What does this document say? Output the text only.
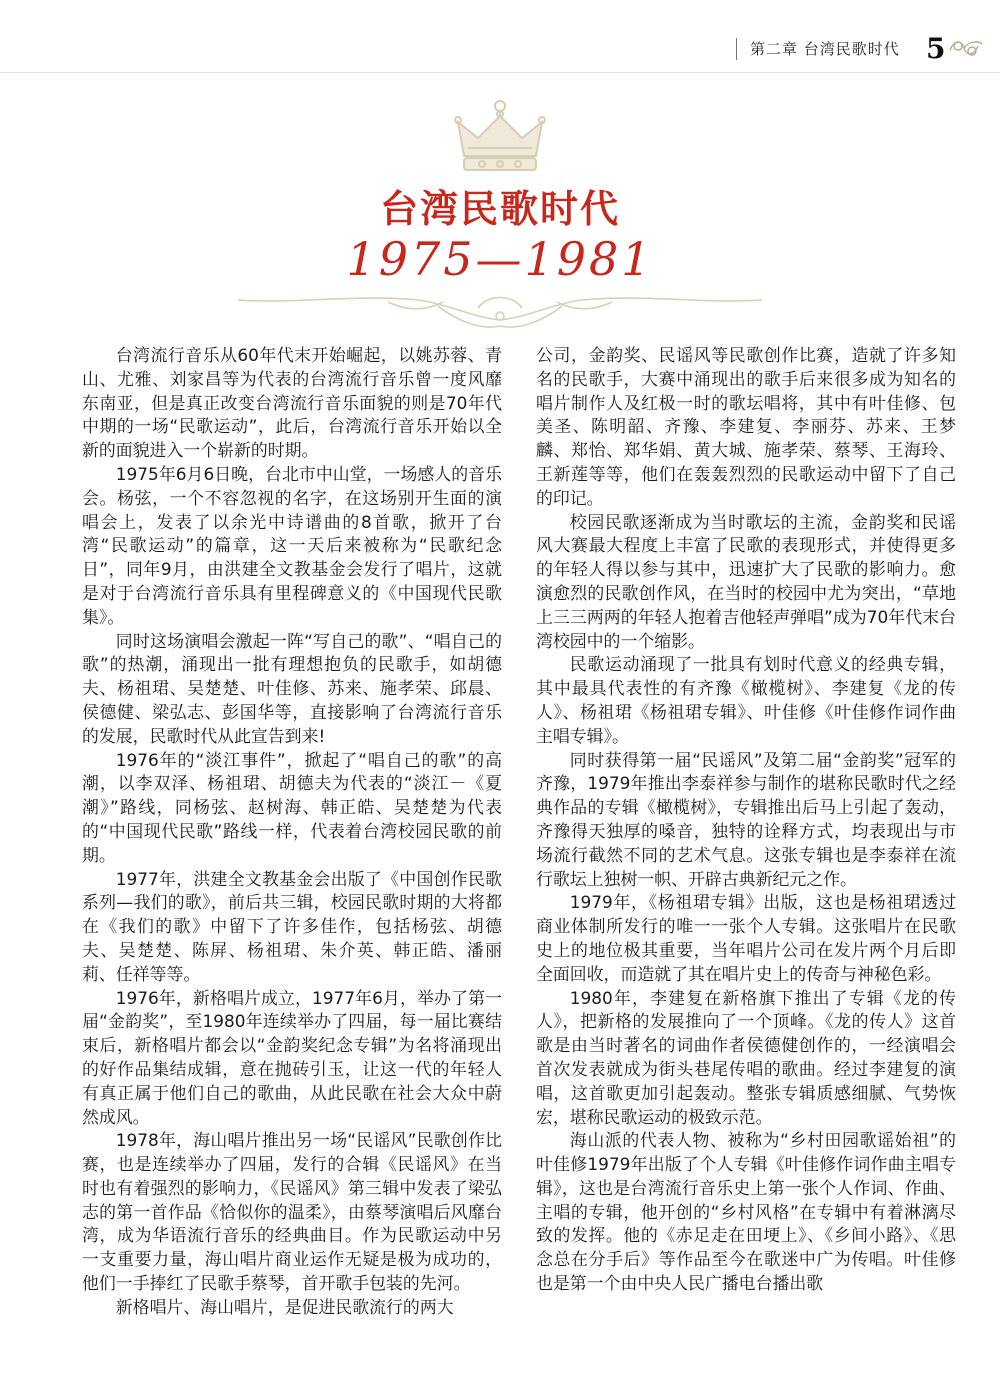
第二章 台湾民歌时代 5
台湾民歌时代
1975—1981

台湾流行音乐从60年代末开始崛起，以姚苏蓉、青山、尤雅、刘家昌等为代表的台湾流行音乐曾一度风靡东南亚，但是真正改变台湾流行音乐面貌的则是70年代中期的一场“民歌运动”，此后，台湾流行音乐开始以全新的面貌进入一个崭新的时期。

1975年6月6日晚，台北市中山堂，一场感人的音乐会。杨弦，一个不容忽视的名字，在这场别开生面的演唱会上，发表了以余光中诗谱曲的8首歌，掀开了台湾“民歌运动”的篇章，这一天后来被称为“民歌纪念日”，同年9月，由洪建全文教基金会发行了唱片，这就是对于台湾流行音乐具有里程碑意义的《中国现代民歌集》。

同时这场演唱会激起一阵“写自己的歌”、“唱自己的歌”的热潮，涌现出一批有理想抱负的民歌手，如胡德夫、杨祖珺、吴楚楚、叶佳修、苏来、施孝荣、邱晨、侯德健、梁弘志、彭国华等，直接影响了台湾流行音乐的发展，民歌时代从此宣告到来!

1976年的“淡江事件”，掀起了“唱自己的歌”的高潮，以李双泽、杨祖珺、胡德夫为代表的“淡江－《夏潮》”路线，同杨弦、赵树海、韩正皓、吴楚楚为代表的“中国现代民歌”路线一样，代表着台湾校园民歌的前期。

1977年，洪建全文教基金会出版了《中国创作民歌系列—我们的歌》，前后共三辑，校园民歌时期的大将都在《我们的歌》中留下了许多佳作，包括杨弦、胡德夫、吴楚楚、陈屏、杨祖珺、朱介英、韩正皓、潘丽莉、任祥等等。

1976年，新格唱片成立，1977年6月，举办了第一届“金韵奖”，至1980年连续举办了四届，每一届比赛结束后，新格唱片都会以“金韵奖纪念专辑”为名将涌现出的好作品集结成辑，意在抛砖引玉，让这一代的年轻人有真正属于他们自己的歌曲，从此民歌在社会大众中蔚然成风。

1978年，海山唱片推出另一场“民谣风”民歌创作比赛，也是连续举办了四届，发行的合辑《民谣风》在当时也有着强烈的影响力，《民谣风》第三辑中发表了梁弘志的第一首作品《恰似你的温柔》，由蔡琴演唱后风靡台湾，成为华语流行音乐的经典曲目。作为民歌运动中另一支重要力量，海山唱片商业运作无疑是极为成功的，他们一手捧红了民歌手蔡琴，首开歌手包装的先河。

新格唱片、海山唱片，是促进民歌流行的两大

公司，金韵奖、民谣风等民歌创作比赛，造就了许多知名的民歌手，大赛中涌现出的歌手后来很多成为知名的唱片制作人及红极一时的歌坛唱将，其中有叶佳修、包美圣、陈明韶、齐豫、李建复、李丽芬、苏来、王梦麟、郑怡、郑华娟、黄大城、施孝荣、蔡琴、王海玲、王新莲等等，他们在轰轰烈烈的民歌运动中留下了自己的印记。

校园民歌逐渐成为当时歌坛的主流，金韵奖和民谣风大赛最大程度上丰富了民歌的表现形式，并使得更多的年轻人得以参与其中，迅速扩大了民歌的影响力。愈演愈烈的民歌创作风，在当时的校园中尤为突出，“草地上三三两两的年轻人抱着吉他轻声弹唱”成为70年代末台湾校园中的一个缩影。

民歌运动涌现了一批具有划时代意义的经典专辑，其中最具代表性的有齐豫《橄榄树》、李建复《龙的传人》、杨祖珺《杨祖珺专辑》、叶佳修《叶佳修作词作曲主唱专辑》。

同时获得第一届“民谣风”及第二届“金韵奖”冠军的齐豫，1979年推出李泰祥参与制作的堪称民歌时代之经典作品的专辑《橄榄树》，专辑推出后马上引起了轰动，齐豫得天独厚的嗓音，独特的诠释方式，均表现出与市场流行截然不同的艺术气息。这张专辑也是李泰祥在流行歌坛上独树一帜、开辟古典新纪元之作。

1979年，《杨祖珺专辑》出版，这也是杨祖珺透过商业体制所发行的唯一一张个人专辑。这张唱片在民歌史上的地位极其重要，当年唱片公司在发片两个月后即全面回收，而造就了其在唱片史上的传奇与神秘色彩。

1980年，李建复在新格旗下推出了专辑《龙的传人》，把新格的发展推向了一个顶峰。《龙的传人》这首歌是由当时著名的词曲作者侯德健创作的，一经演唱会首次发表就成为街头巷尾传唱的歌曲。经过李建复的演唱，这首歌更加引起轰动。整张专辑质感细腻、气势恢宏，堪称民歌运动的极致示范。

海山派的代表人物、被称为“乡村田园歌谣始祖”的叶佳修1979年出版了个人专辑《叶佳修作词作曲主唱专辑》，这也是台湾流行音乐史上第一张个人作词、作曲、主唱的专辑，他开创的“乡村风格”在专辑中有着淋漓尽致的发挥。他的《赤足走在田埂上》、《乡间小路》、《思念总在分手后》等作品至今在歌迷中广为传唱。叶佳修也是第一个由中央人民广播电台播出歌
